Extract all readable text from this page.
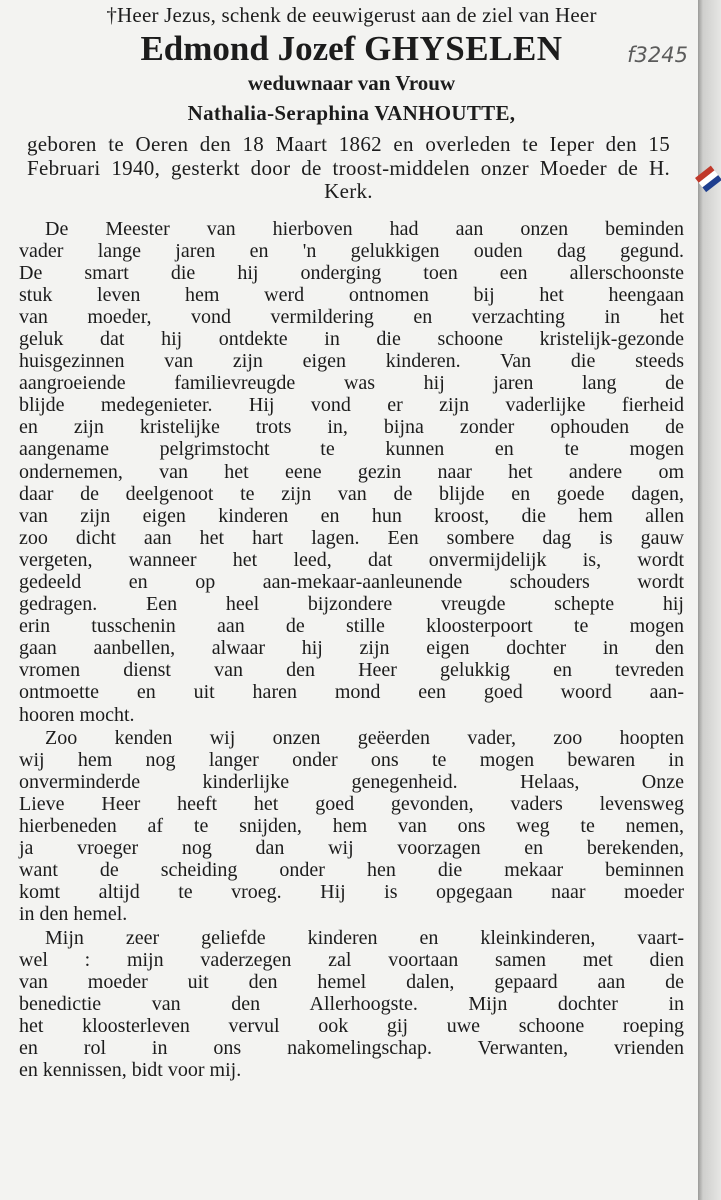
†Heer Jezus, schenk de eeuwigerust aan de ziel van Heer
Edmond Jozef GHYSELEN	f3245
weduwnaar van Vrouw
Nathalia-Seraphina VANHOUTTE,
geboren te Oeren den 18 Maart 1862 en overleden te Ieper den 15 Februari 1940, gesterkt door de troost-middelen onzer Moeder de H. Kerk.

De Meester van hierboven had aan onzen beminden
vader lange jaren en 'n gelukkigen ouden dag gegund.
De smart die hij onderging toen een allerschoonste
stuk leven hem werd ontnomen bij het heengaan
van moeder, vond vermildering en verzachting in het
geluk dat hij ontdekte in die schoone kristelijk-gezonde
huisgezinnen van zijn eigen kinderen. Van die steeds
aangroeiende familievreugde was hij jaren lang de
blijde medegenieter. Hij vond er zijn vaderlijke fierheid
en zijn kristelijke trots in, bijna zonder ophouden de
aangename pelgrimstocht te kunnen en te mogen
ondernemen, van het eene gezin naar het andere om
daar de deelgenoot te zijn van de blijde en goede dagen,
van zijn eigen kinderen en hun kroost, die hem allen
zoo dicht aan het hart lagen. Een sombere dag is gauw
vergeten, wanneer het leed, dat onvermijdelijk is, wordt
gedeeld en op aan-mekaar-aanleunende schouders wordt
gedragen. Een heel bijzondere vreugde schepte hij
erin tusschenin aan de stille kloosterpoort te mogen
gaan aanbellen, alwaar hij zijn eigen dochter in den
vromen dienst van den Heer gelukkig en tevreden
ontmoette en uit haren mond een goed woord aan-
hooren mocht.

Zoo kenden wij onzen geëerden vader, zoo hoopten
wij hem nog langer onder ons te mogen bewaren in
onverminderde kinderlijke genegenheid. Helaas, Onze
Lieve Heer heeft het goed gevonden, vaders levensweg
hierbeneden af te snijden, hem van ons weg te nemen,
ja vroeger nog dan wij voorzagen en berekenden,
want de scheiding onder hen die mekaar beminnen
komt altijd te vroeg. Hij is opgegaan naar moeder
in den hemel.

Mijn zeer geliefde kinderen en kleinkinderen, vaart-
wel : mijn vaderzegen zal voortaan samen met dien
van moeder uit den hemel dalen, gepaard aan de
benedictie van den Allerhoogste. Mijn dochter in
het kloosterleven vervul ook gij uwe schoone roeping
en rol in ons nakomelingschap. Verwanten, vrienden
en kennissen, bidt voor mij.
